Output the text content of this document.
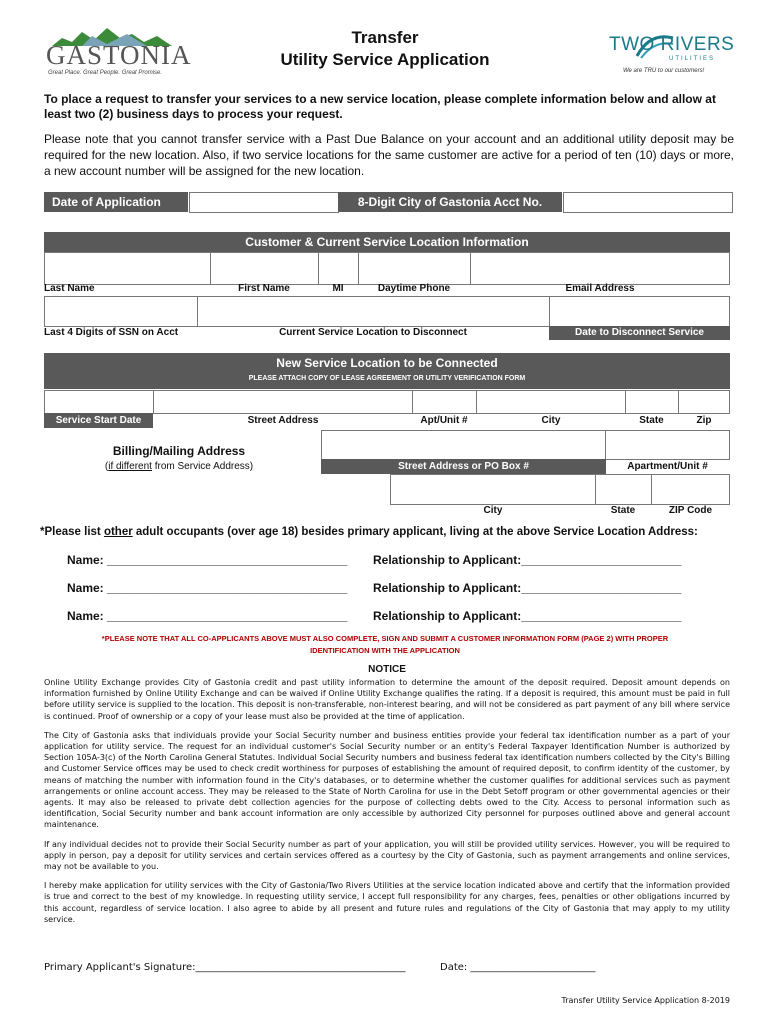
GASTONIA
Great Place. Great People. Great Promise.
Transfer
Utility Service Application
TWO RIVERS
UTILITIES
We are TRU to our customers!
To place a request to transfer your services to a new service location, please complete information below and allow at least two (2) business days to process your request.
Please note that you cannot transfer service with a Past Due Balance on your account and an additional utility deposit may be required for the new location. Also, if two service locations for the same customer are active for a period of ten (10) days or more, a new account number will be assigned for the new location.
Date of Application	8-Digit City of Gastonia Acct No.
Customer & Current Service Location Information
Last Name	First Name	MI	Daytime Phone	Email Address
Last 4 Digits of SSN on Acct	Current Service Location to Disconnect	Date to Disconnect Service
New Service Location to be Connected
PLEASE ATTACH COPY OF LEASE AGREEMENT OR UTILITY VERIFICATION FORM
Service Start Date	Street Address	Apt/Unit #	City	State	Zip
Billing/Mailing Address
(if different from Service Address)	Street Address or PO Box #	Apartment/Unit #
City	State	ZIP Code
*Please list other adult occupants (over age 18) besides primary applicant, living at the above Service Location Address:
Name: ____________________________________ Relationship to Applicant:________________________
Name: ____________________________________ Relationship to Applicant:________________________
Name: ____________________________________ Relationship to Applicant:________________________
*PLEASE NOTE THAT ALL CO-APPLICANTS ABOVE MUST ALSO COMPLETE, SIGN AND SUBMIT A CUSTOMER INFORMATION FORM (PAGE 2) WITH PROPER
IDENTIFICATION WITH THE APPLICATION
NOTICE

Online Utility Exchange provides City of Gastonia credit and past utility information to determine the amount of the deposit required. Deposit amount depends on information furnished by Online Utility Exchange and can be waived if Online Utility Exchange qualifies the rating. If a deposit is required, this amount must be paid in full before utility service is supplied to the location. This deposit is non-transferable, non-interest bearing, and will not be considered as part payment of any bill where service is continued. Proof of ownership or a copy of your lease must also be provided at the time of application.

The City of Gastonia asks that individuals provide your Social Security number and business entities provide your federal tax identification number as a part of your application for utility service. The request for an individual customer's Social Security number or an entity's Federal Taxpayer Identification Number is authorized by Section 105A-3(c) of the North Carolina General Statutes. Individual Social Security numbers and business federal tax identification numbers collected by the City's Billing and Customer Service offices may be used to check credit worthiness for purposes of establishing the amount of required deposit, to confirm identity of the customer, by means of matching the number with information found in the City's databases, or to determine whether the customer qualifies for additional services such as payment arrangements or online account access. They may be released to the State of North Carolina for use in the Debt Setoff program or other governmental agencies or their agents. It may also be released to private debt collection agencies for the purpose of collecting debts owed to the City. Access to personal information such as identification, Social Security number and bank account information are only accessible by authorized City personnel for purposes outlined above and general account maintenance.

If any individual decides not to provide their Social Security number as part of your application, you will still be provided utility services. However, you will be required to apply in person, pay a deposit for utility services and certain services offered as a courtesy by the City of Gastonia, such as payment arrangements and online services, may not be available to you.

I hereby make application for utility services with the City of Gastonia/Two Rivers Utilities at the service location indicated above and certify that the information provided is true and correct to the best of my knowledge. In requesting utility service, I accept full responsibility for any charges, fees, penalties or other obligations incurred by this account, regardless of service location. I also agree to abide by all present and future rules and regulations of the City of Gastonia that may apply to my utility service.

Primary Applicant's Signature:__________________________________________	Date: _________________________
Transfer Utility Service Application 8-2019
